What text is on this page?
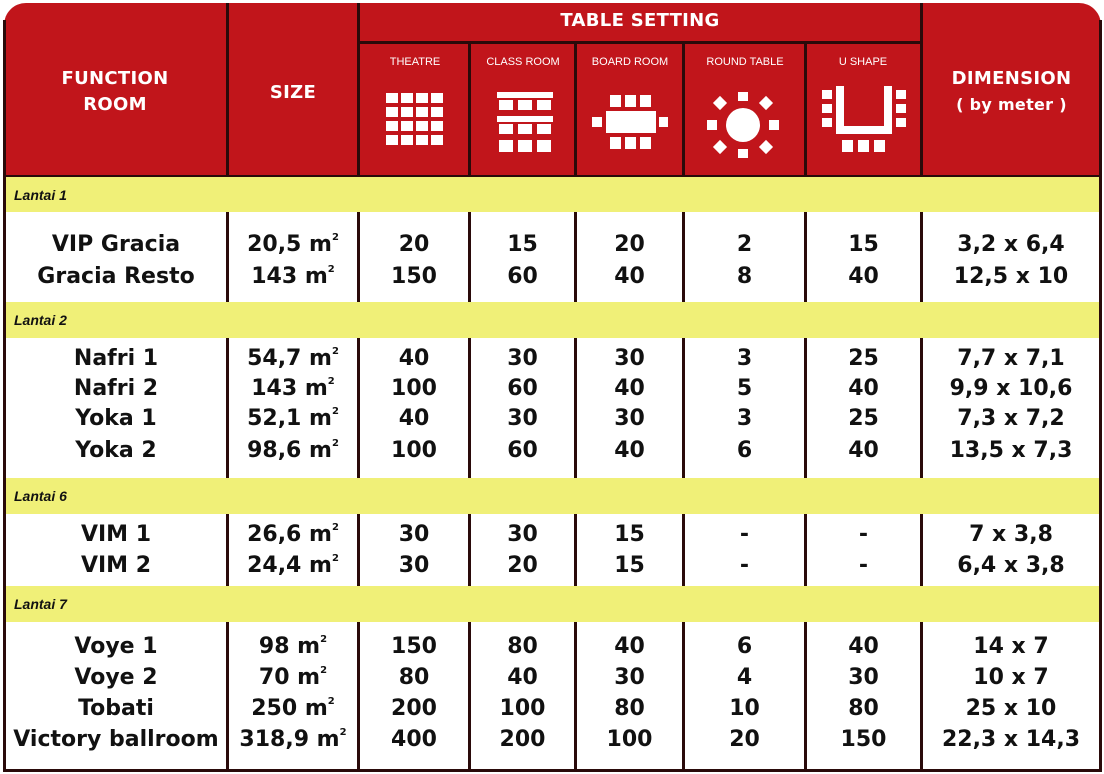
FUNCTION
ROOM
SIZE
TABLE SETTING
DIMENSION
( by meter )
THEATRE	CLASS ROOM	BOARD ROOM	ROUND TABLE	U SHAPE
Lantai 1
Lantai 2
Lantai 6
Lantai 7
VIP Gracia	20,5 $m^2$	20	15	20	2	15	3,2 x 6,4
Gracia Resto	143 $m^2$	150	60	40	8	40	12,5 x 10
Nafri 1	54,7 $m^2$	40	30	30	3	25	7,7 x 7,1
Nafri 2	143 $m^2$	100	60	40	5	40	9,9 x 10,6
Yoka 1	52,1 $m^2$	40	30	30	3	25	7,3 x 7,2
Yoka 2	98,6 $m^2$	100	60	40	6	40	13,5 x 7,3
VIM 1	26,6 $m^2$	30	30	15	-	-	7 x 3,8
VIM 2	24,4 $m^2$	30	20	15	-	-	6,4 x 3,8
Voye 1	98 $m^2$	150	80	40	6	40	14 x 7
Voye 2	70 $m^2$	80	40	30	4	30	10 x 7
Tobati	250 $m^2$	200	100	80	10	80	25 x 10
Victory ballroom 318,9 $m^2$	400	200	100	20	150	22,3 x 14,3
